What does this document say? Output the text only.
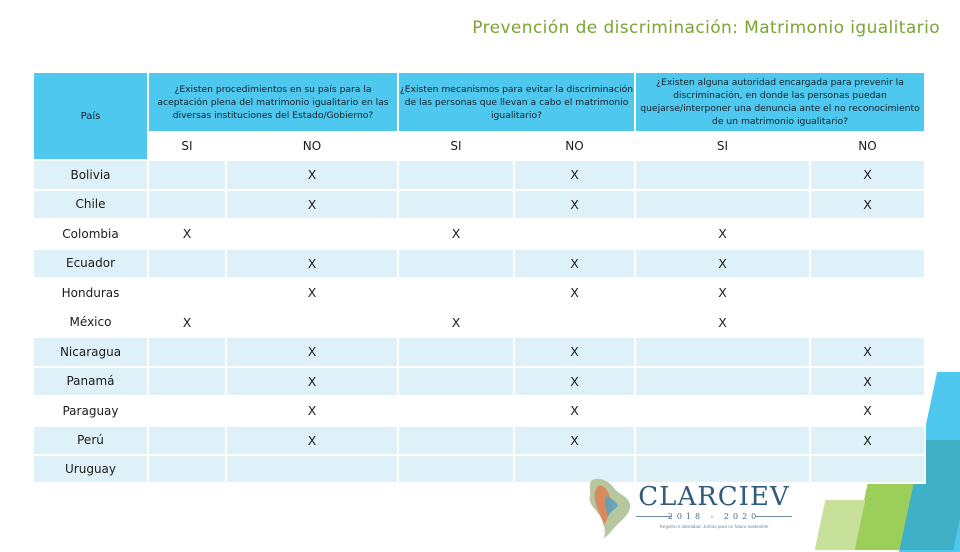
Prevención de discriminación: Matrimonio igualitario
País	¿Existen procedimientos en su país para la aceptación plena del matrimonio igualitario en las diversas instituciones del Estado/Gobierno?		¿Existen mecanismos para evitar la discriminación de las personas que llevan a cabo el matrimonio igualitario?		¿Existen alguna autoridad encargada para prevenir la discriminación, en donde las personas puedan quejarse/interponer una denuncia ante el no reconocimiento de un matrimonio igualitario?	
	SI	NO	SI	NO	SI	NO
Bolivia		X		X		X
Chile		X		X		X
Colombia	X		X		X	
Ecuador		X		X	X	
Honduras		X		X	X	
México	X		X		X	
Nicaragua		X		X		X
Panamá		X		X		X
Paraguay		X		X		X
Perú		X		X		X
Uruguay						
CLARCIEV
2018 - 2020
Registro e identidad: Juntos para un futuro sostenible
